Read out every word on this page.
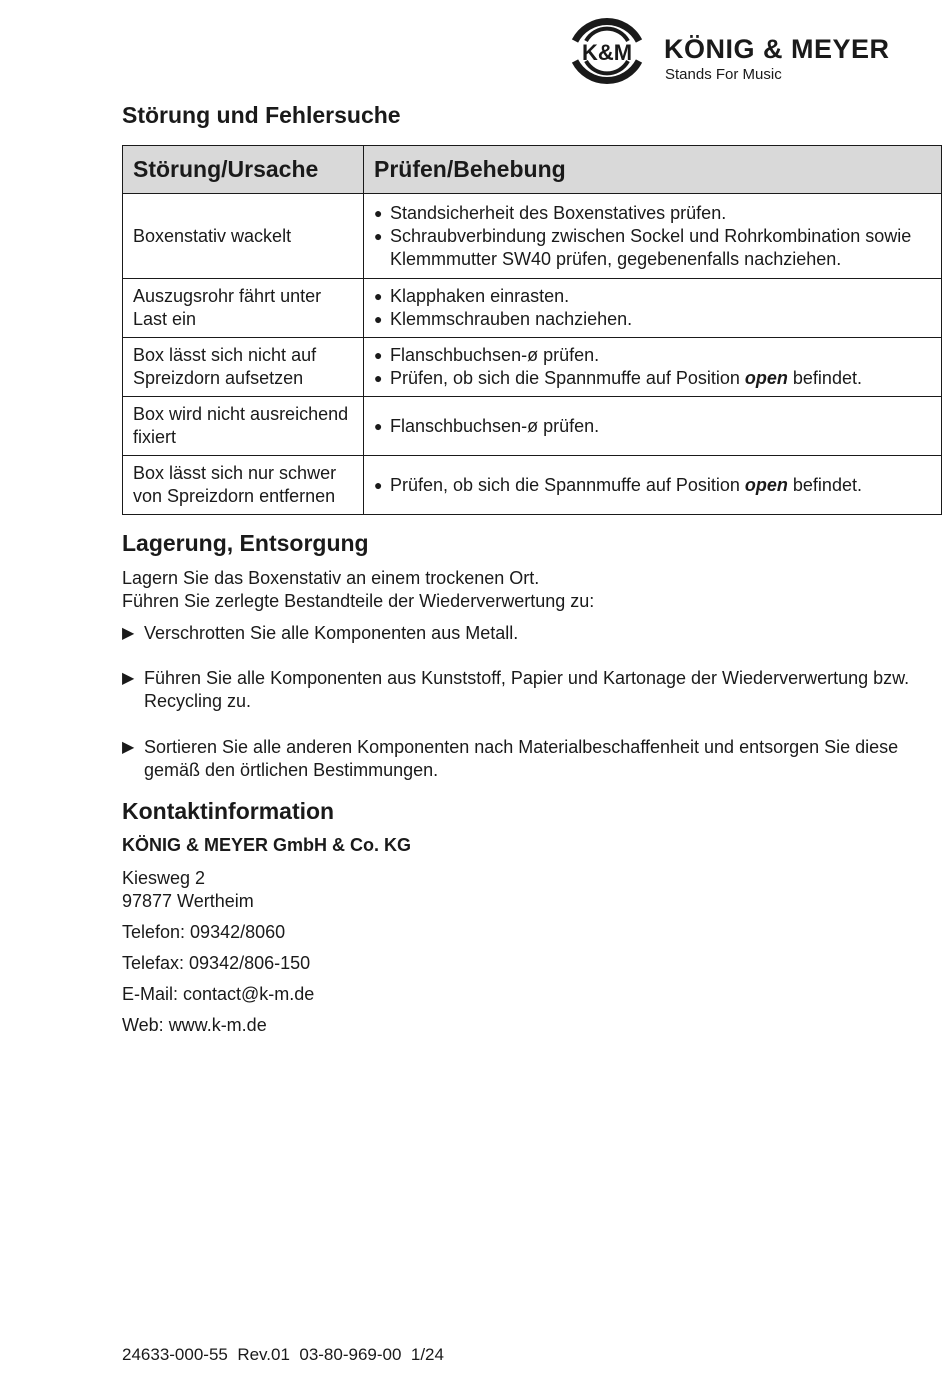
K&M KÖNIG & MEYER
Stands For Music
Störung und Fehlersuche
Störung/Ursache	Prüfen/Behebung
Boxenstativ wackelt	● Standsicherheit des Boxenstatives prüfen.
● Schraubverbindung zwischen Sockel und Rohrkombination sowie Klemmmutter SW40 prüfen, gegebenenfalls nachziehen.

Auszugsrohr fährt unter Last ein	● Klapphaken einrasten.
● Klemmschrauben nachziehen.

Box lässt sich nicht auf Spreizdorn aufsetzen	● Flanschbuchsen-ø prüfen.
● Prüfen, ob sich die Spannmuffe auf Position open befindet.

Box wird nicht ausreichend fixiert	● Flanschbuchsen-ø prüfen.

Box lässt sich nur schwer von Spreizdorn entfernen	● Prüfen, ob sich die Spannmuffe auf Position open befindet.
Lagerung, Entsorgung
Lagern Sie das Boxenstativ an einem trockenen Ort.
Führen Sie zerlegte Bestandteile der Wiederverwertung zu:
▶ Verschrotten Sie alle Komponenten aus Metall.
▶ Führen Sie alle Komponenten aus Kunststoff, Papier und Kartonage der Wiederverwertung bzw. Recycling zu.
▶ Sortieren Sie alle anderen Komponenten nach Materialbeschaffenheit und entsorgen Sie diese gemäß den örtlichen Bestimmungen.
Kontaktinformation
KÖNIG & MEYER GmbH & Co. KG
Kiesweg 2
97877 Wertheim
Telefon: 09342/8060
Telefax: 09342/806-150
E-Mail: contact@k-m.de
Web: www.k-m.de
24633-000-55  Rev.01  03-80-969-00  1/24
